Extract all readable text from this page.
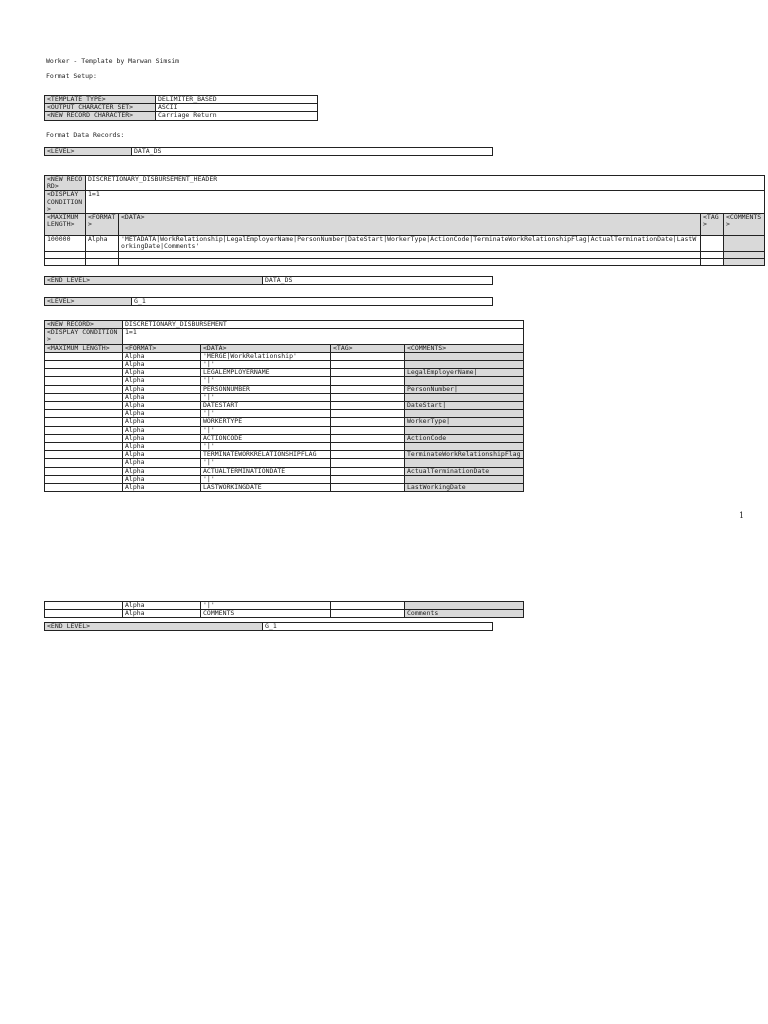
Worker - Template by Marwan Simsim
Format Setup:
<TEMPLATE TYPE>	DELIMITER_BASED
<OUTPUT CHARACTER SET>	ASCII
<NEW RECORD CHARACTER>	Carriage Return
Format Data Records:
<LEVEL>	DATA_DS
<NEW RECORD>	DISCRETIONARY_DISBURSEMENT_HEADER			
<DISPLAY CONDITION>	1=1			
<MAXIMUM LENGTH>	<FORMAT>	<DATA>	<TAG>	<COMMENTS>
100000	Alpha	'METADATA|WorkRelationship|LegalEmployerName|PersonNumber|DateStart|WorkerType|ActionCode|TerminateWorkRelationshipFlag|ActualTerminationDate|LastWorkingDate|Comments'		

<END LEVEL>	DATA_DS
<LEVEL>	G_1
<NEW RECORD>	DISCRETIONARY_DISBURSEMENT			
<DISPLAY CONDITION>	1=1			
<MAXIMUM LENGTH>	<FORMAT>	<DATA>	<TAG>	<COMMENTS>
	Alpha	'MERGE|WorkRelationship'		
	Alpha	'|'		
	Alpha	LEGALEMPLOYERNAME		LegalEmployerName|
	Alpha	'|'		
	Alpha	PERSONNUMBER		PersonNumber|
	Alpha	'|'		
	Alpha	DATESTART		DateStart|
	Alpha	'|'		
	Alpha	WORKERTYPE		WorkerType|
	Alpha	'|'		
	Alpha	ACTIONCODE		ActionCode
	Alpha	'|'		
	Alpha	TERMINATEWORKRELATIONSHIPFLAG		TerminateWorkRelationshipFlag
	Alpha	'|'		
	Alpha	ACTUALTERMINATIONDATE		ActualTerminationDate
	Alpha	'|'		
	Alpha	LASTWORKINGDATE		LastWorkingDate
1
	Alpha	'|'		
	Alpha	COMMENTS		Comments
<END LEVEL>	G_1
